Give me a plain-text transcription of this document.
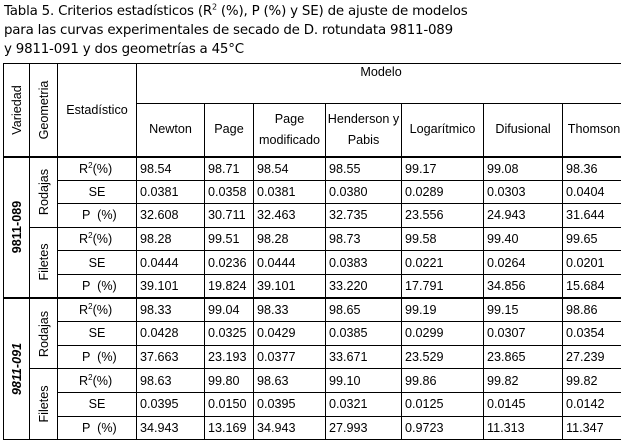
Tabla 5. Criterios estadísticos ($R^2$ (%), P (%) y SE) de ajuste de modelos
para las curvas experimentales de secado de D. rotundata 9811-089
y 9811-091 y dos geometrías a 45°C
Variedad	Geometria	Estadístico	Modelo						
			Newton	Page	Page modificado	Henderson y Pabis	Logarítmico	Difusional	Thomson

9811-089	Rodajas	$R^2(\%)$	98.54	98.71	98.54	98.55	99.17	99.08	98.36
		SE	0.0381	0.0358	0.0381	0.0380	0.0289	0.0303	0.0404
		P  (%)	32.608	30.711	32.463	32.735	23.556	24.943	31.644

	Filetes	$R^2(\%)$	98.28	99.51	98.28	98.73	99.58	99.40	99.65
		SE	0.0444	0.0236	0.0444	0.0383	0.0221	0.0264	0.0201
		P  (%)	39.101	19.824	39.101	33.220	17.791	34.856	15.684

9811-091	Rodajas	$R^2(\%)$	98.33	99.04	98.33	98.65	99.19	99.15	98.86
		SE	0.0428	0.0325	0.0429	0.0385	0.0299	0.0307	0.0354
		P  (%)	37.663	23.193	0.0377	33.671	23.529	23.865	27.239

	Filetes	$R^2(\%)$	98.63	99.80	98.63	99.10	99.86	99.82	99.82
		SE	0.0395	0.0150	0.0395	0.0321	0.0125	0.0145	0.0142
		P  (%)	34.943	13.169	34.943	27.993	0.9723	11.313	11.347
